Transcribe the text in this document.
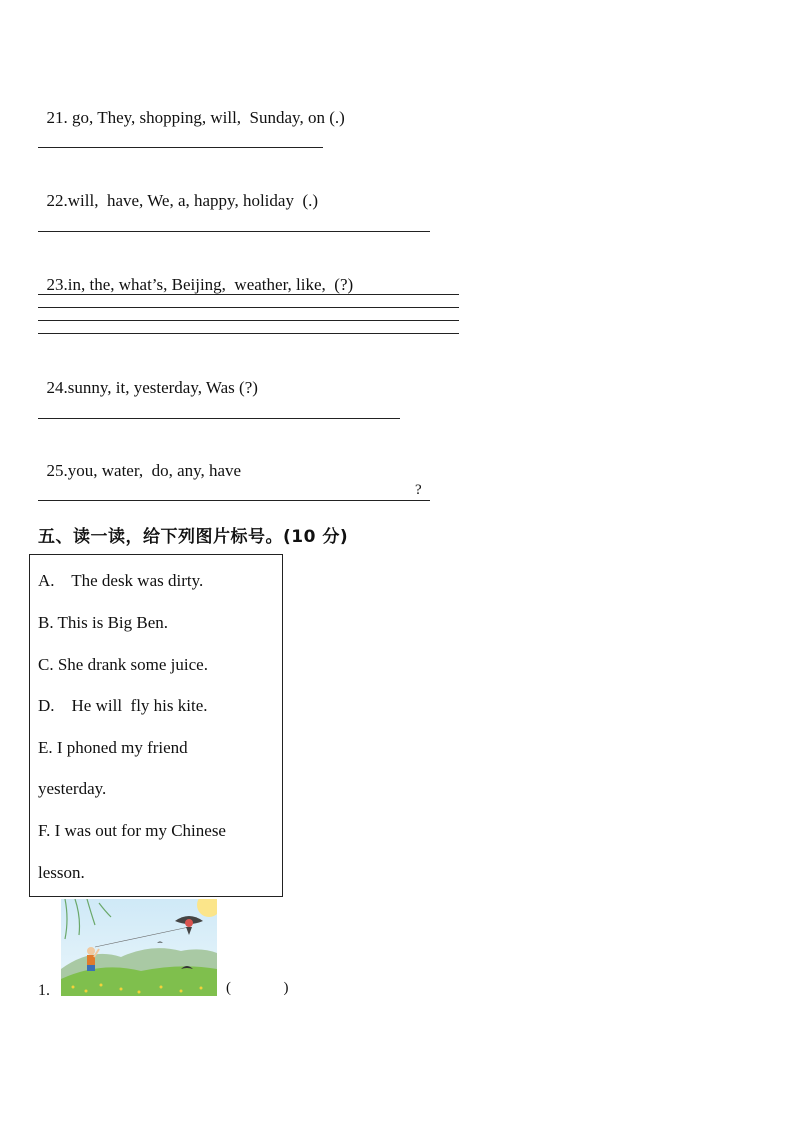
21. go, They, shopping, will,  Sunday, on (.)

22.will,  have, We, a, happy, holiday  (.)

23.in, the, what’s, Beijing,  weather, like,  (?)

24.sunny, it, yesterday, Was (?)

25.you, water,  do, any, have

?
五、读一读，给下列图片标号。(10 分)
A.    The desk was dirty.
B. This is Big Ben.
C. She drank some juice.
D.    He will  fly his kite.
E. I phoned my friend
yesterday.
F. I was out for my Chinese
lesson.
1.	(              )
